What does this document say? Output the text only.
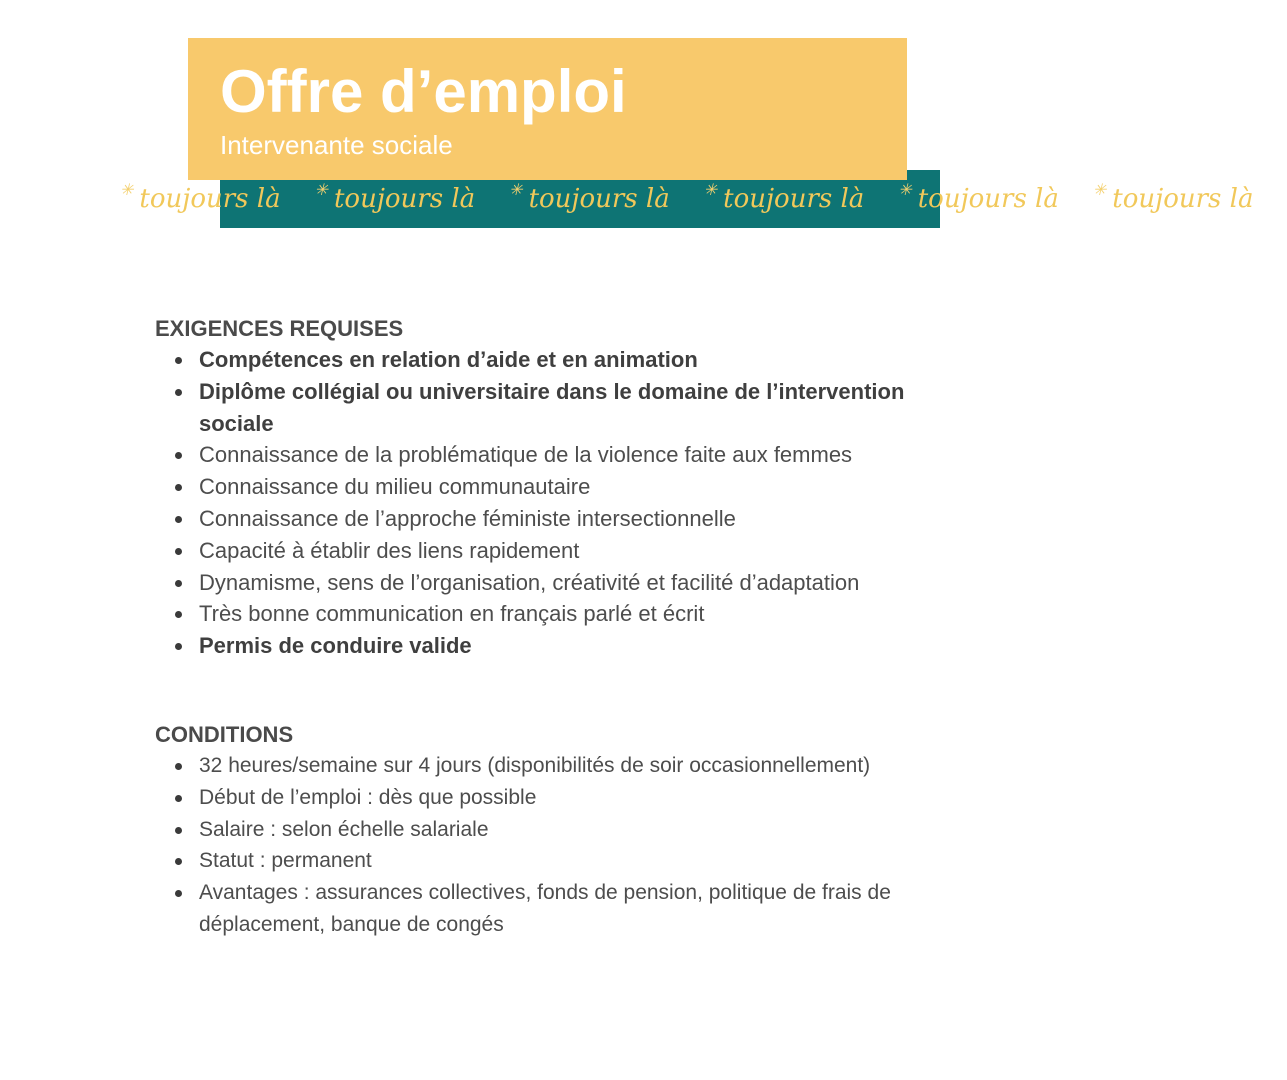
✳ toujours là ✳ toujours là ✳ toujours là ✳ toujours là ✳ toujours là ✳ toujours là
Offre d’emploi
Intervenante sociale
EXIGENCES REQUISES
Compétences en relation d’aide et en animation
Diplôme collégial ou universitaire dans le domaine de l’intervention sociale
Connaissance de la problématique de la violence faite aux femmes
Connaissance du milieu communautaire
Connaissance de l’approche féministe intersectionnelle
Capacité à établir des liens rapidement
Dynamisme, sens de l’organisation, créativité et facilité d’adaptation
Très bonne communication en français parlé et écrit
Permis de conduire valide
CONDITIONS
32 heures/semaine sur 4 jours (disponibilités de soir occasionnellement)
Début de l’emploi : dès que possible
Salaire : selon échelle salariale
Statut : permanent
Avantages : assurances collectives, fonds de pension, politique de frais de déplacement, banque de congés
